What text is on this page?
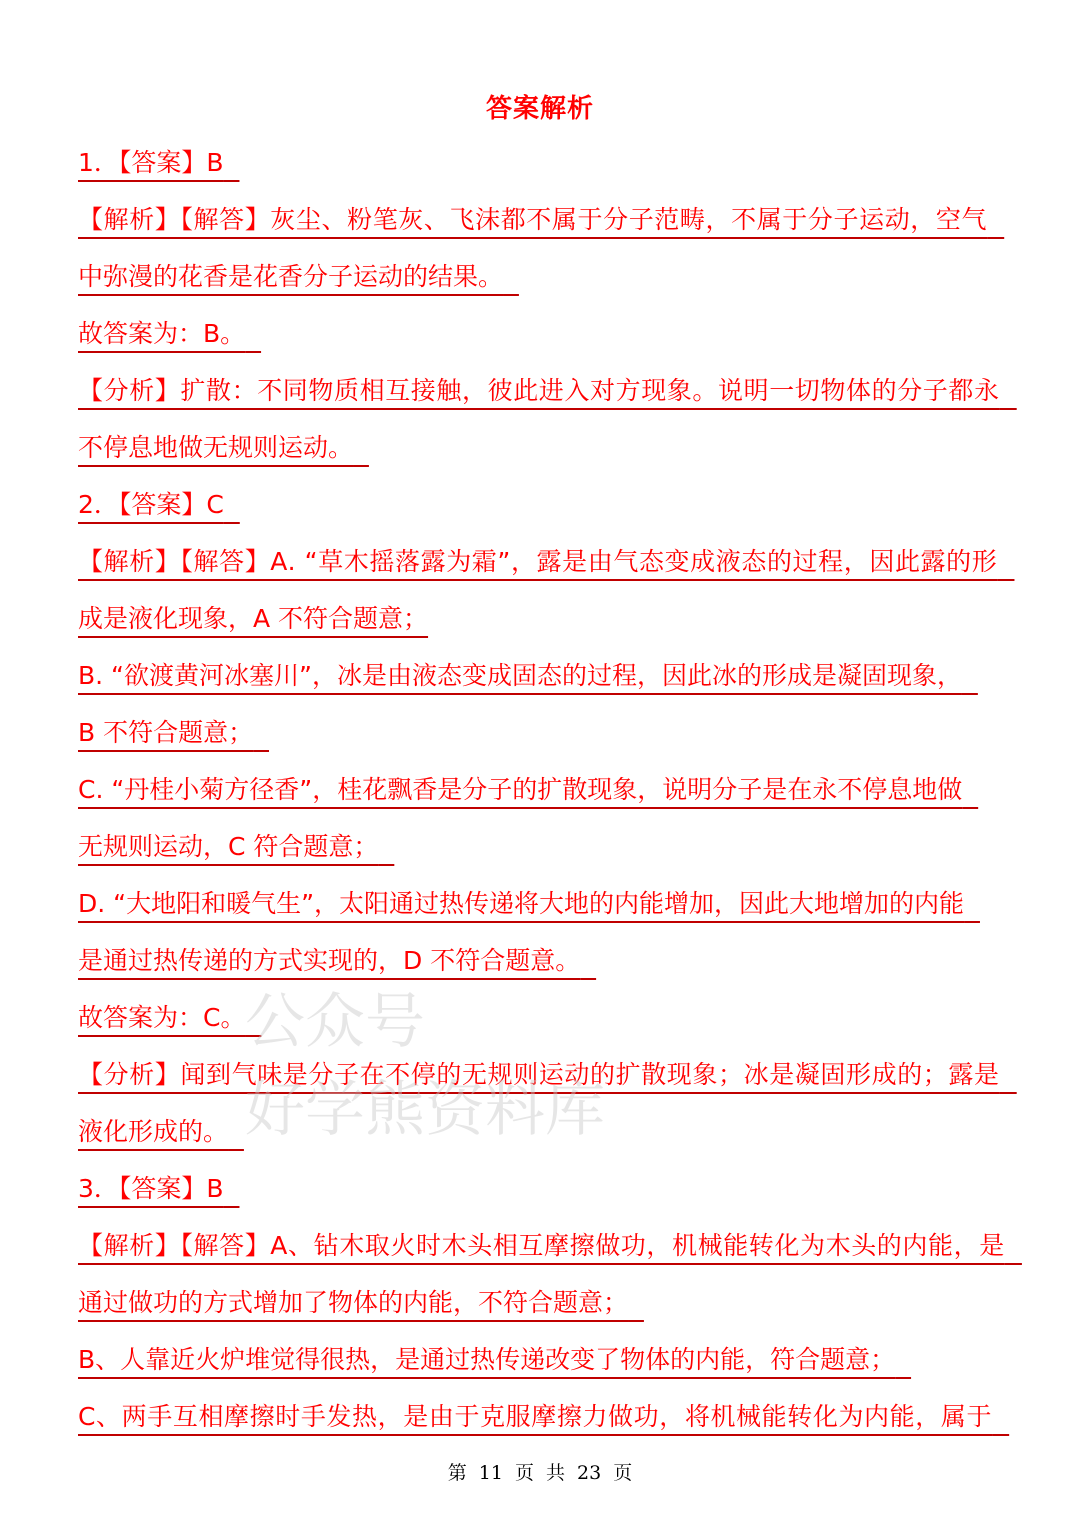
答案解析
1．【答案】B
【解析】【解答】灰尘、粉笔灰、飞沫都不属于分子范畴，不属于分子运动，空气
中弥漫的花香是花香分子运动的结果。
故答案为：B。
【分析】扩散：不同物质相互接触，彼此进入对方现象。说明一切物体的分子都永
不停息地做无规则运动。
2．【答案】C
【解析】【解答】A. “草木摇落露为霜”，露是由气态变成液态的过程，因此露的形
成是液化现象，A 不符合题意；
B. “欲渡黄河冰塞川”，冰是由液态变成固态的过程，因此冰的形成是凝固现象，
B 不符合题意；
C. “丹桂小菊方径香”，桂花飘香是分子的扩散现象，说明分子是在永不停息地做
无规则运动，C 符合题意；
D. “大地阳和暖气生”，太阳通过热传递将大地的内能增加，因此大地增加的内能
是通过热传递的方式实现的，D 不符合题意。
故答案为：C。
【分析】闻到气味是分子在不停的无规则运动的扩散现象；冰是凝固形成的；露是
液化形成的。
3．【答案】B
【解析】【解答】A、钻木取火时木头相互摩擦做功，机械能转化为木头的内能，是
通过做功的方式增加了物体的内能，不符合题意；
B、人靠近火炉堆觉得很热，是通过热传递改变了物体的内能，符合题意；
C、两手互相摩擦时手发热，是由于克服摩擦力做功，将机械能转化为内能，属于
公众号
好学熊资料库
第 11 页 共 23 页
